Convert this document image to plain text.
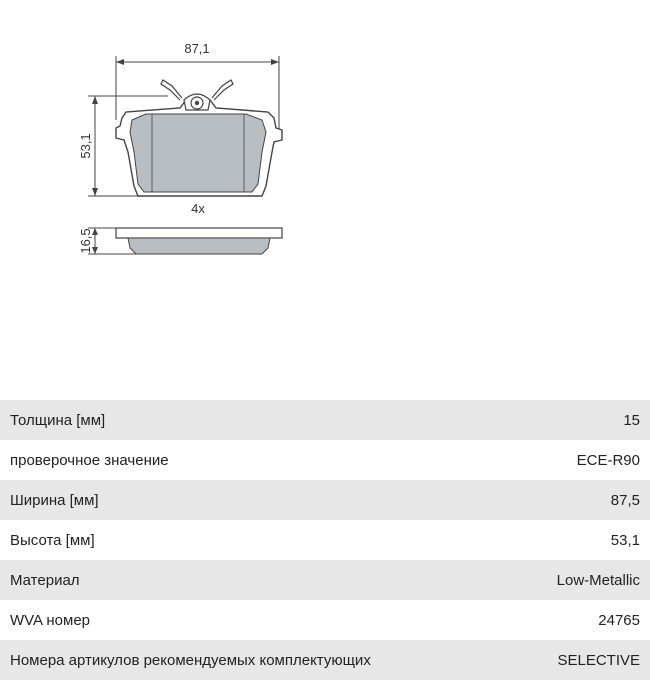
87,1
53,1
4x
16,5
Толщина [мм]	15
проверочное значение	ECE-R90
Ширина [мм]	87,5
Высота [мм]	53,1
Материал	Low-Metallic
WVA номер	24765
Номера артикулов рекомендуемых комплектующих	SELECTIVE
